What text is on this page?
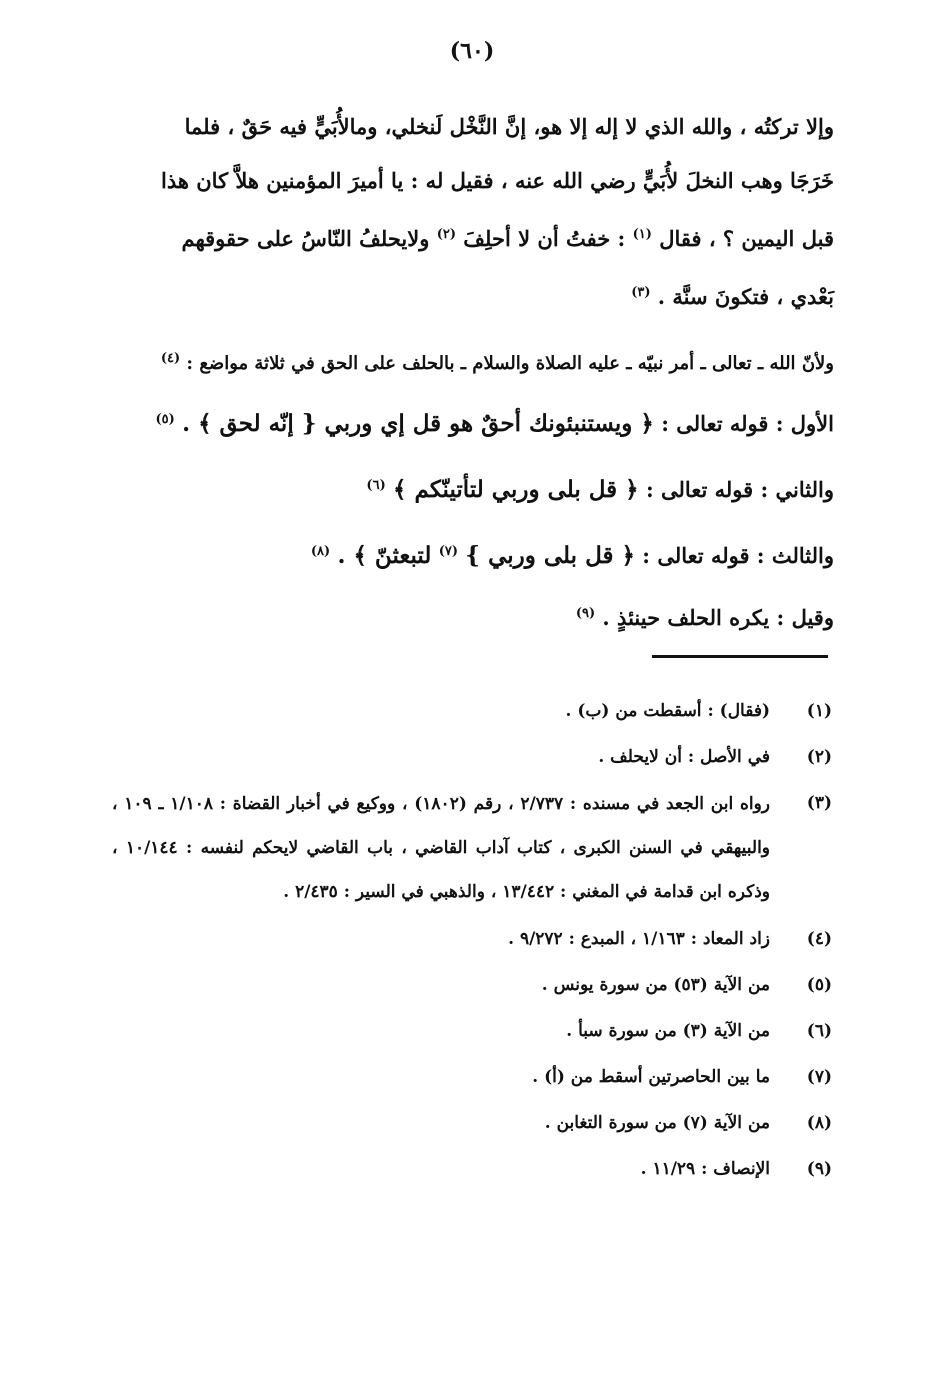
(٦٠)

وإلا تركتُه ، والله الذي لا إله إلا هو، إنَّ النَّخْل لَنخلي، ومالأُبَيٍّ فيه حَقٌ ، فلما

خَرَجَا وهب النخلَ لأُبَيٍّ رضي الله عنه ، فقيل له : يا أميرَ المؤمنين هلاَّ كان هذا

قبل اليمين ؟ ، فقال $^{(١)}$ : خفتُ أن لا أحلِفَ $^{(٢)}$ ولايحلفُ النّاسُ على حقوقهم

بَعْدي ، فتكونَ سنَّة . $^{(٣)}$

ولأنّ الله ـ تعالى ـ أمر نبيّه ـ عليه الصلاة والسلام ـ بالحلف على الحق في ثلاثة مواضع : $^{(٤)}$

الأول : قوله تعالى : ﴿ ويستنبئونك أحقٌ هو قل إي وربي { إنّه لحق ﴾ . $^{(٥)}$

والثاني : قوله تعالى : ﴿ قل بلى وربي لتأتينّكم ﴾ $^{(٦)}$

والثالث : قوله تعالى : ﴿ قل بلى وربي } $^{(٧)}$ لتبعثنّ ﴾ . $^{(٨)}$

وقيل : يكره الحلف حينئذٍ . $^{(٩)}$

(١)
(فقال) : أسقطت من (ب) .
(٢)
في الأصل : أن لايحلف .
(٣)
رواه ابن الجعد في مسنده : ٢/٧٣٧ ، رقم (١٨٠٢) ، ووكيع في أخبار القضاة : ١/١٠٨ ـ ١٠٩ ، والبيهقي في السنن الكبرى ، كتاب آداب القاضي ، باب القاضي لايحكم لنفسه : ١٠/١٤٤ ، وذكره ابن قدامة في المغني : ١٣/٤٤٢ ، والذهبي في السير : ٢/٤٣٥ .
(٤)
زاد المعاد : ١/١٦٣ ، المبدع : ٩/٢٧٢ .
(٥)
من الآية (٥٣) من سورة يونس .
(٦)
من الآية (٣) من سورة سبأ .
(٧)
ما بين الحاصرتين أسقط من (أ) .
(٨)
من الآية (٧) من سورة التغابن .
(٩)
الإنصاف : ١١/٢٩ .
